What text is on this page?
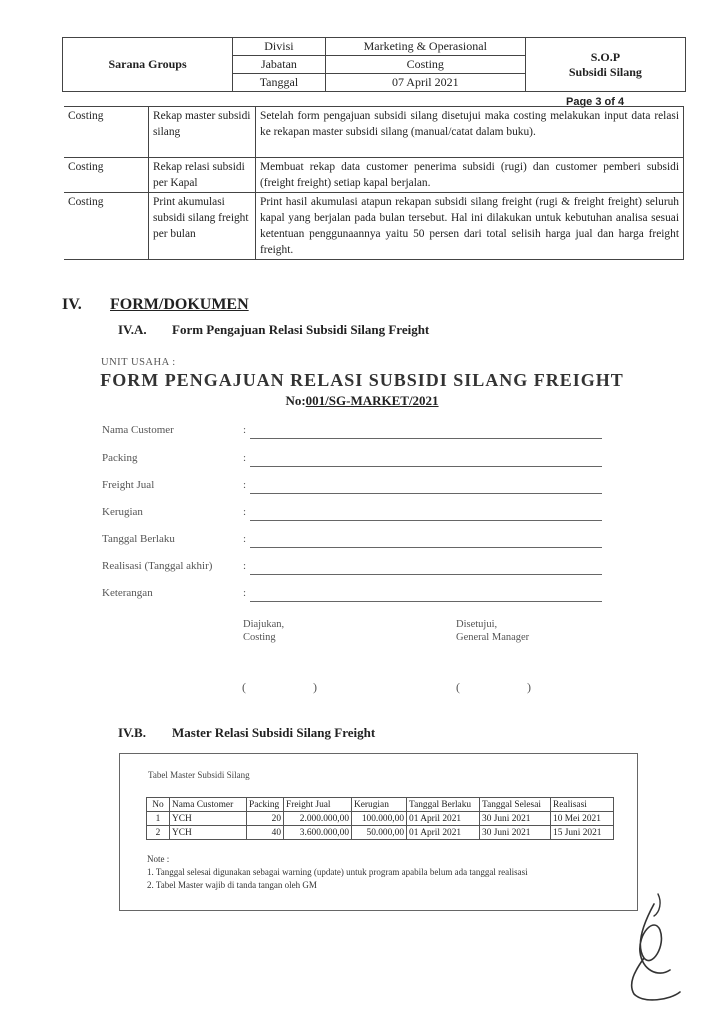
Sarana Groups	Divisi	Marketing & Operasional	S.O.P
Subsidi Silang

	Jabatan	Costing	
	Tanggal	07 April 2021	
Page 3 of 4
Costing	Rekap master subsidi silang	Setelah form pengajuan subsidi silang disetujui maka costing melakukan input data relasi ke rekapan master subsidi silang (manual/catat dalam buku).
Costing	Rekap relasi subsidi per Kapal	Membuat rekap data customer penerima subsidi (rugi) dan customer pemberi subsidi (freight freight) setiap kapal berjalan.
Costing	Print akumulasi subsidi silang freight per bulan	Print hasil akumulasi atapun rekapan subsidi silang freight (rugi & freight freight) seluruh kapal yang berjalan pada bulan tersebut. Hal ini dilakukan untuk kebutuhan analisa sesuai ketentuan penggunaannya yaitu 50 persen dari total selisih harga jual dan harga freight freight.
IV. FORM/DOKUMEN
IV.A. Form Pengajuan Relasi Subsidi Silang Freight
UNIT USAHA :
FORM PENGAJUAN RELASI SUBSIDI SILANG FREIGHT
No:001/SG-MARKET/2021
Nama Customer	:
Packing	:
Freight Jual	:
Kerugian	:
Tanggal Berlaku	:
Realisasi (Tanggal akhir)	:
Keterangan	:
Diajukan,
Costing
Disetujui,
General Manager
(	)	(	)
IV.B. Master Relasi Subsidi Silang Freight
Tabel Master Subsidi Silang
No	Nama Customer	Packing	Freight Jual	Kerugian	Tanggal Berlaku	Tanggal Selesai	Realisasi
1	YCH	20	2.000.000,00	100.000,00	01 April 2021	30 Juni 2021	10 Mei 2021
2	YCH	40	3.600.000,00	50.000,00	01 April 2021	30 Juni 2021	15 Juni 2021
Note :
1. Tanggal selesai digunakan sebagai warning (update) untuk program apabila belum ada tanggal realisasi
2. Tabel Master wajib di tanda tangan oleh GM
